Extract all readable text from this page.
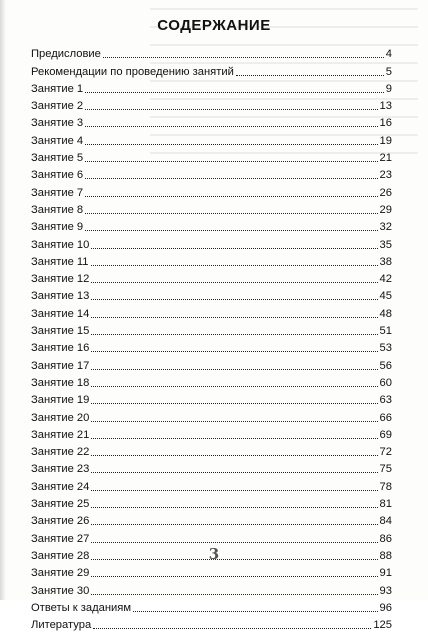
СОДЕРЖАНИЕ
Предисловие	4
Рекомендации по проведению занятий	5
Занятие 1	9
Занятие 2	13
Занятие 3	16
Занятие 4	19
Занятие 5	21
Занятие 6	23
Занятие 7	26
Занятие 8	29
Занятие 9	32
Занятие 10	35
Занятие 11	38
Занятие 12	42
Занятие 13	45
Занятие 14	48
Занятие 15	51
Занятие 16	53
Занятие 17	56
Занятие 18	60
Занятие 19	63
Занятие 20	66
Занятие 21	69
Занятие 22	72
Занятие 23	75
Занятие 24	78
Занятие 25	81
Занятие 26	84
Занятие 27	86
Занятие 28	88
Занятие 29	91
Занятие 30	93
Ответы к заданиям	96
Литература	125
3
